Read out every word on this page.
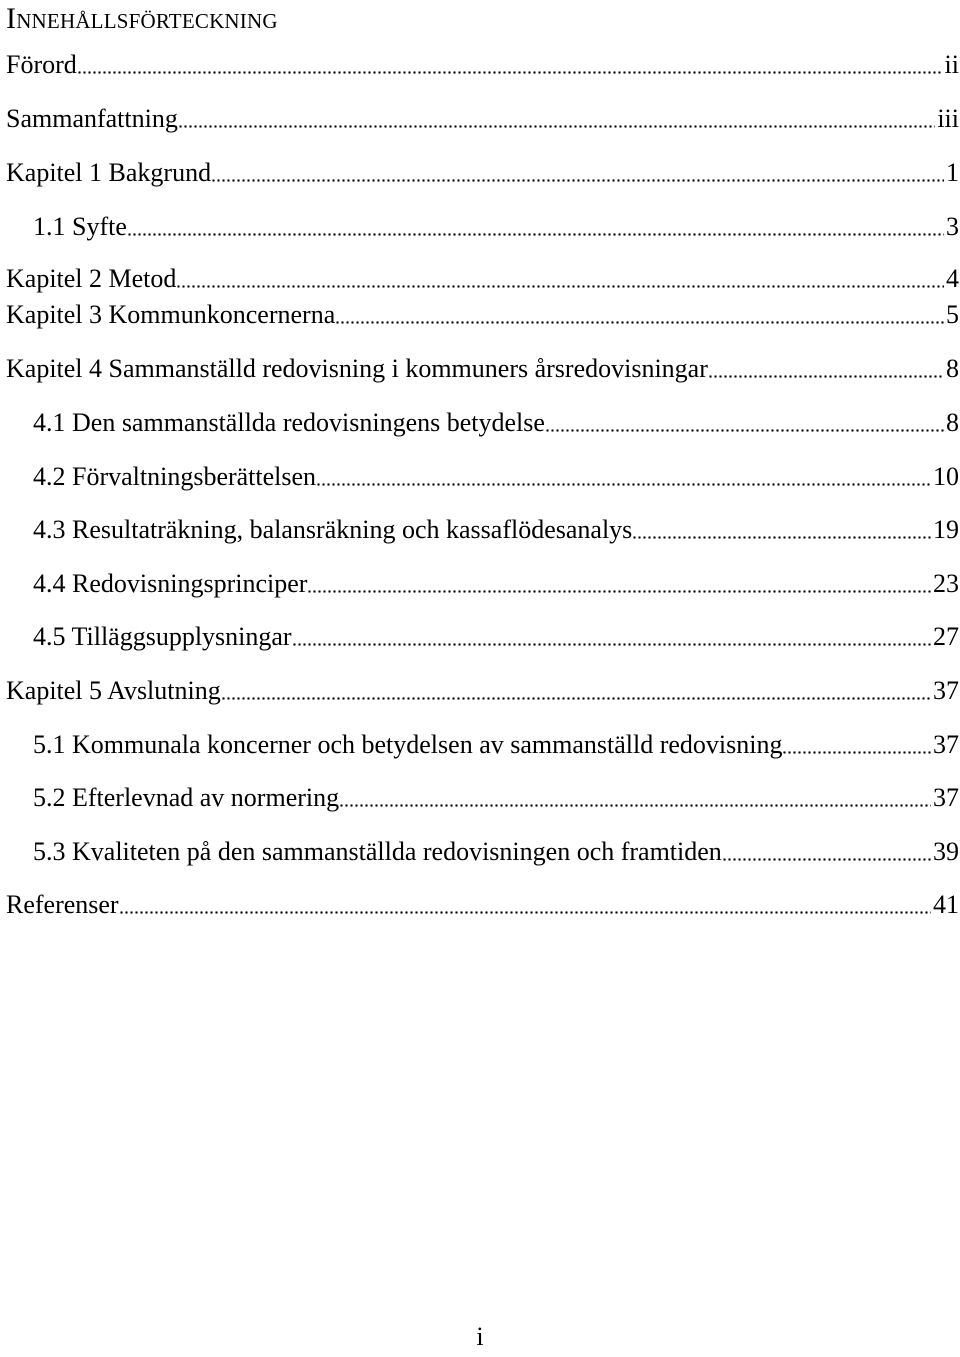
Innehållsförteckning
Förord	ii
Sammanfattning	iii
Kapitel 1 Bakgrund	1
1.1 Syfte	3
Kapitel 2 Metod	4
Kapitel 3 Kommunkoncernerna	5
Kapitel 4 Sammanställd redovisning i kommuners årsredovisningar	8
4.1 Den sammanställda redovisningens betydelse	8
4.2 Förvaltningsberättelsen	10
4.3 Resultaträkning, balansräkning och kassaflödesanalys	19
4.4 Redovisningsprinciper	23
4.5 Tilläggsupplysningar	27
Kapitel 5 Avslutning	37
5.1 Kommunala koncerner och betydelsen av sammanställd redovisning	37
5.2 Efterlevnad av normering	37
5.3 Kvaliteten på den sammanställda redovisningen och framtiden	39
Referenser	41
i
